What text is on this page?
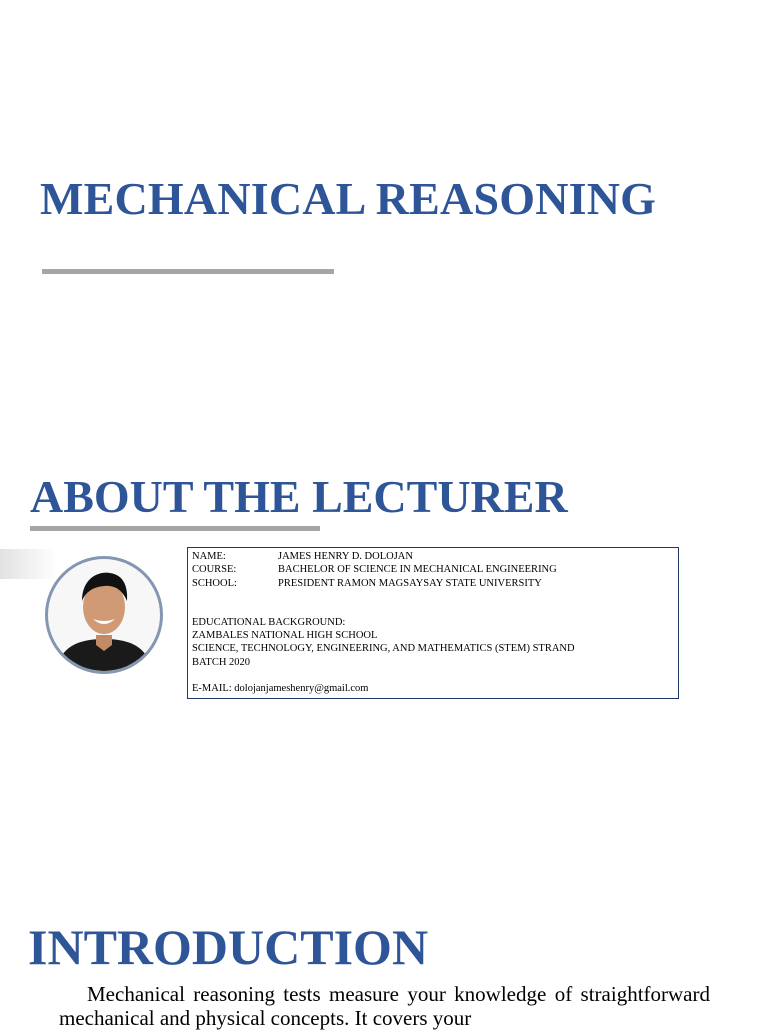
MECHANICAL REASONING
ABOUT THE LECTURER
NAME:	JAMES HENRY D. DOLOJAN
COURSE:	BACHELOR OF SCIENCE IN MECHANICAL ENGINEERING
SCHOOL:	PRESIDENT RAMON MAGSAYSAY STATE UNIVERSITY
EDUCATIONAL BACKGROUND:
ZAMBALES NATIONAL HIGH SCHOOL
SCIENCE, TECHNOLOGY, ENGINEERING, AND MATHEMATICS (STEM) STRAND
BATCH 2020
E-MAIL: dolojanjameshenry@gmail.com
INTRODUCTION

Mechanical reasoning tests measure your knowledge of straightforward mechanical and physical concepts. It covers your
